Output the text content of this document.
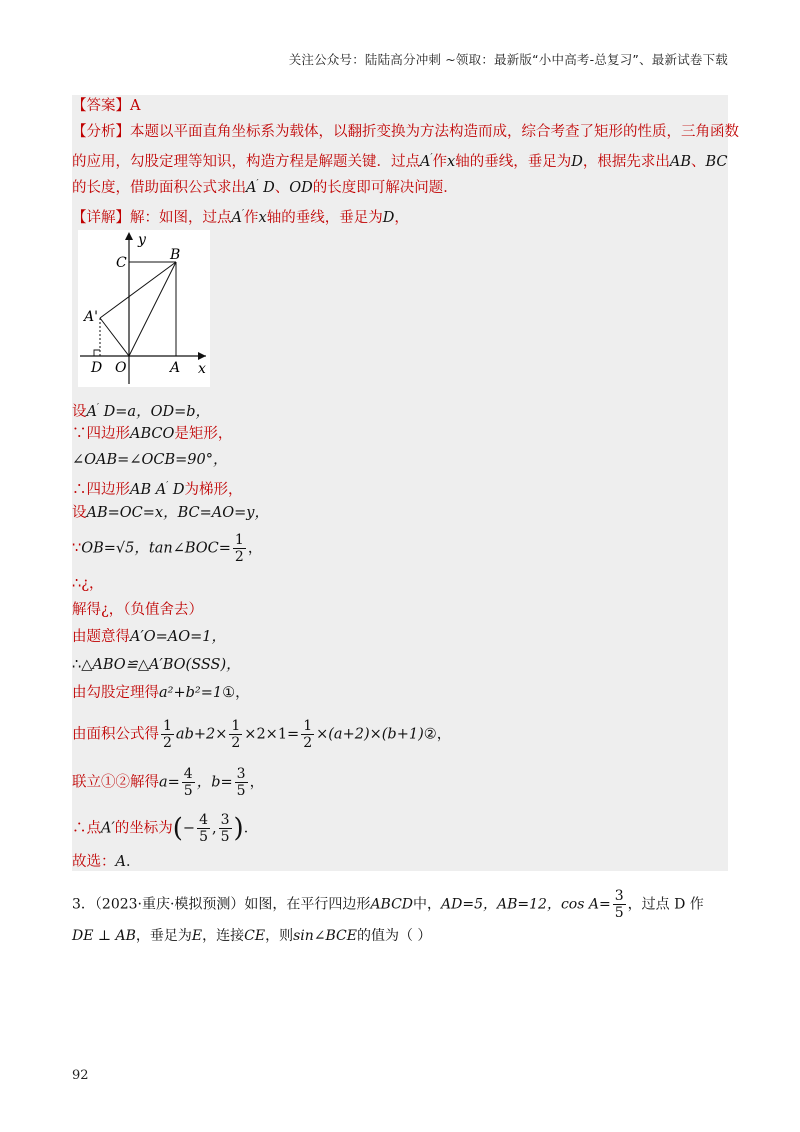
关注公众号：陆陆高分冲刺 ~领取：最新版“小中高考-总复习”、最新试卷下载
【答案】A
【分析】本题以平面直角坐标系为载体，以翻折变换为方法构造而成，综合考查了矩形的性质，三角函数
的应用，勾股定理等知识，构造方程是解题关键．过点A′作x轴的垂线，垂足为D，根据先求出AB、BC
的长度，借助面积公式求出A′ D、OD的长度即可解决问题．
【详解】解：如图，过点A′作x轴的垂线，垂足为D，
y
x
C	B
A'
D O	A
设A′ D=a，OD=b，
∵四边形ABCO是矩形，
∠OAB=∠OCB=90°，
∴四边形AB A′ D为梯形，
设AB=OC=x，BC=AO=y，
∵OB=√5，tan∠BOC= $\frac{1}{2}$ ，
∴¿，
解得¿，（负值舍去）
由题意得A′O=AO=1，
∴△ABO≌△A′BO(SSS)，
由勾股定理得a²+b²=1①，
由面积公式得 $\frac{1}{2} ab+2\times \frac{1}{2} \times 2\times 1= \frac{1}{2}$ ×(a+2)×(b+1)②，
联立①②解得$a= \frac{4}{5}$ ，$b= \frac{3}{5}$ ，
∴点A′的坐标为(− $\frac{4}{5}$ , $\frac{3}{5}$ )．
故选：A．
3．（2023·重庆·模拟预测）如图，在平行四边形ABCD中，AD=5，AB=12，$\cos A= \frac{3}{5}$ ，过点 D 作
DE ⊥ AB，垂足为E，连接CE，则sin∠BCE的值为（ ）
92
